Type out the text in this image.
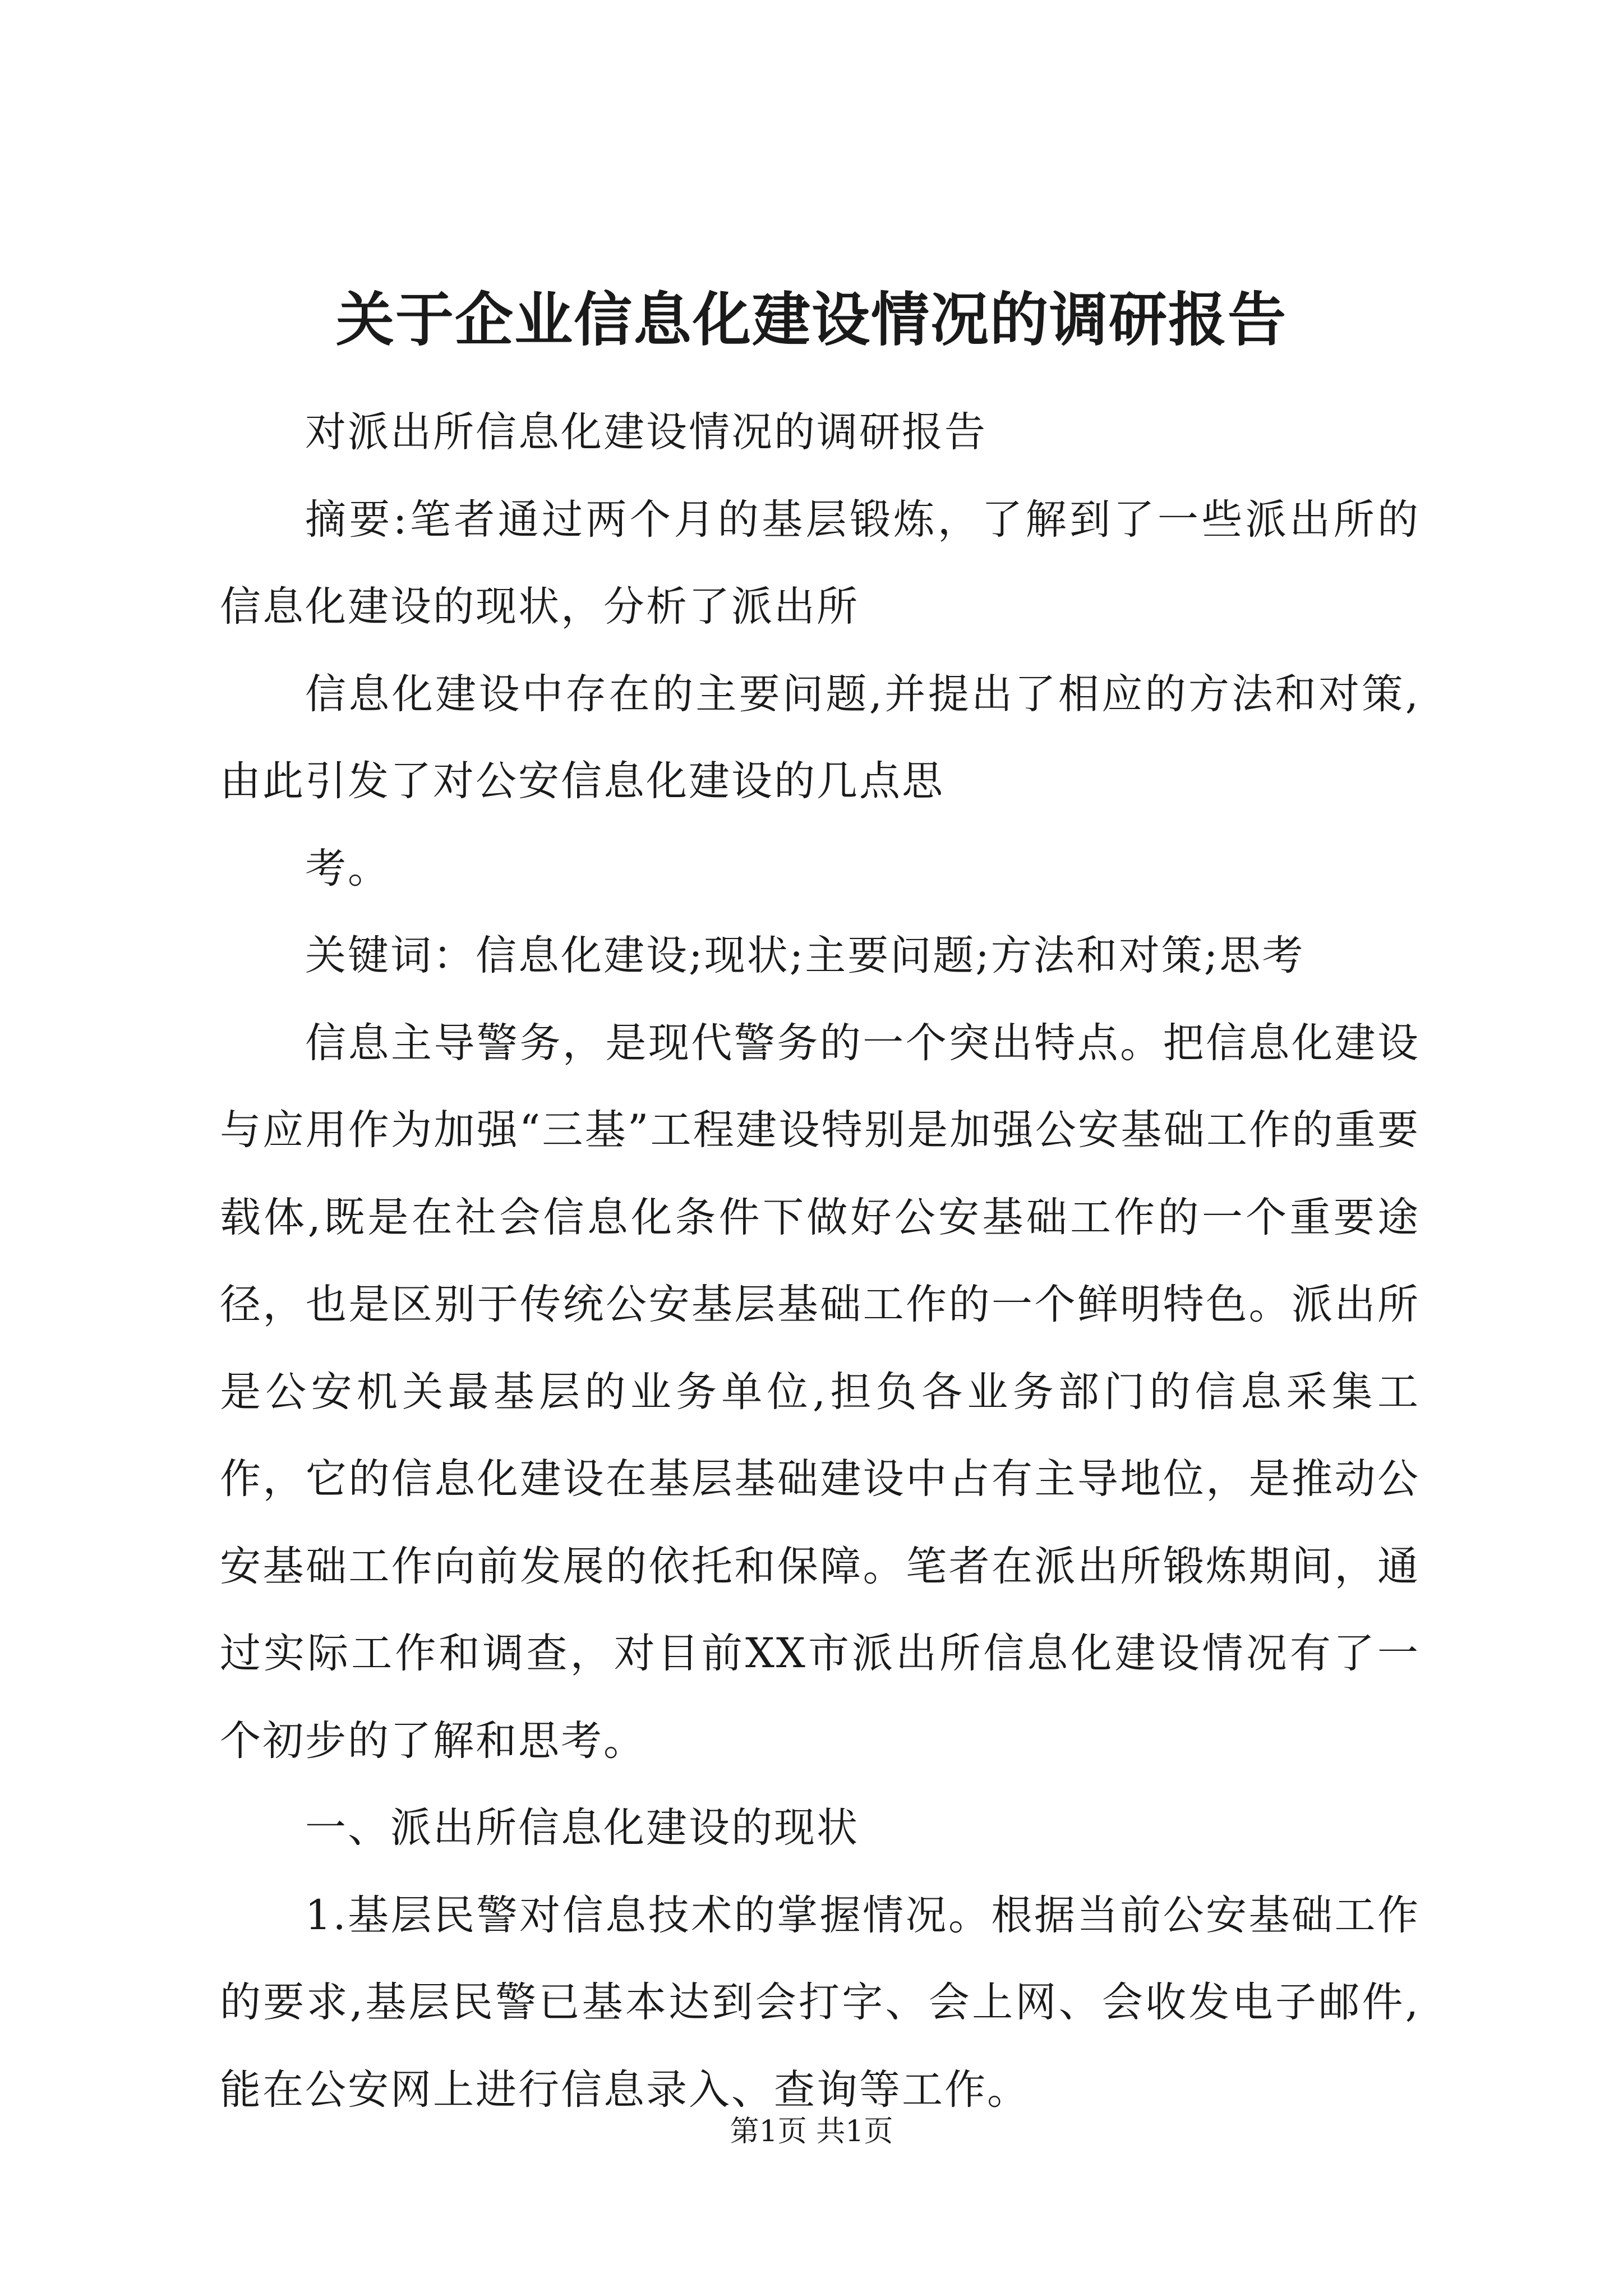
关于企业信息化建设情况的调研报告

对派出所信息化建设情况的调研报告

摘要:笔者通过两个月的基层锻炼，了解到了一些派出所的信息化建设的现状，分析了派出所

信息化建设中存在的主要问题,并提出了相应的方法和对策,由此引发了对公安信息化建设的几点思

考。

关键词：信息化建设;现状;主要问题;方法和对策;思考

信息主导警务，是现代警务的一个突出特点。把信息化建设与应用作为加强“三基”工程建设特别是加强公安基础工作的重要载体,既是在社会信息化条件下做好公安基础工作的一个重要途径，也是区别于传统公安基层基础工作的一个鲜明特色。派出所是公安机关最基层的业务单位,担负各业务部门的信息采集工作，它的信息化建设在基层基础建设中占有主导地位，是推动公安基础工作向前发展的依托和保障。笔者在派出所锻炼期间，通过实际工作和调查，对目前XX市派出所信息化建设情况有了一个初步的了解和思考。

一、派出所信息化建设的现状

1.基层民警对信息技术的掌握情况。根据当前公安基础工作的要求,基层民警已基本达到会打字、会上网、会收发电子邮件,能在公安网上进行信息录入、查询等工作。

第1页 共1页
